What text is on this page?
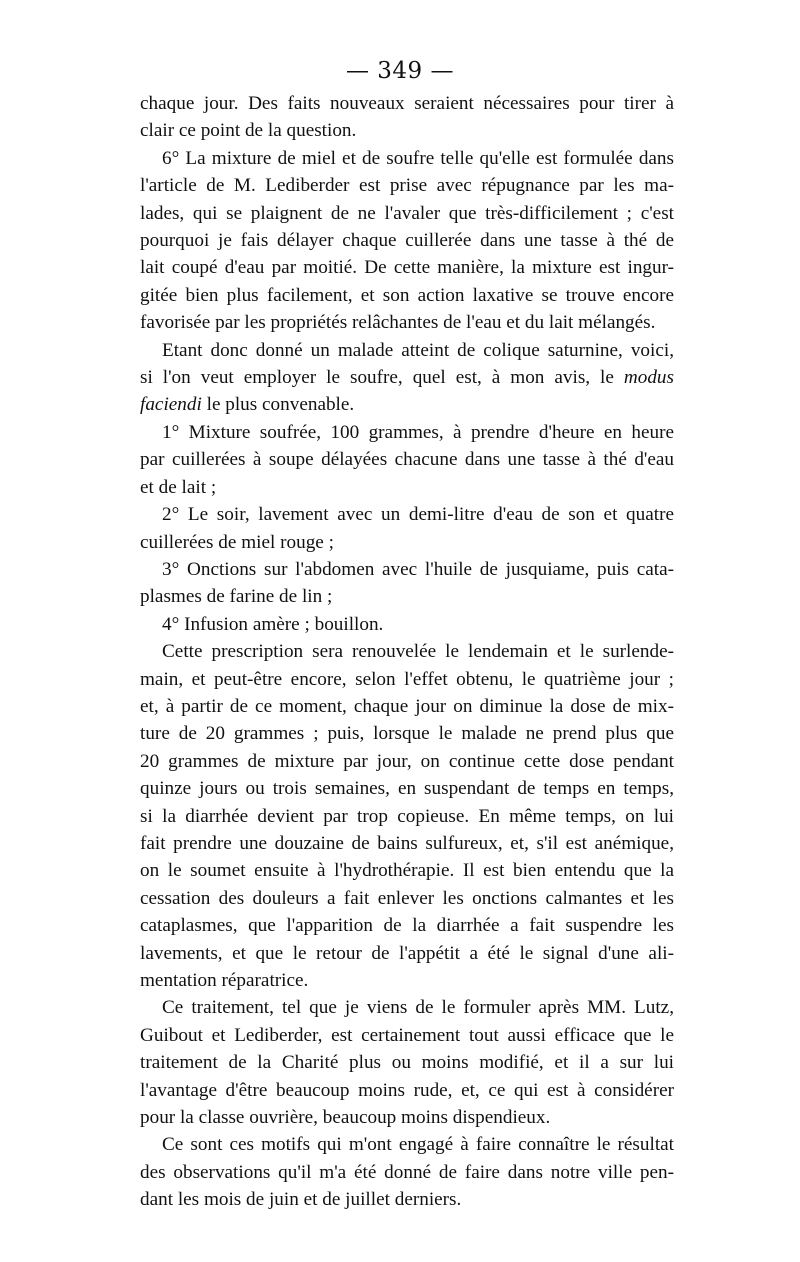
— 349 —
chaque jour. Des faits nouveaux seraient nécessaires pour tirer à
clair ce point de la question.
6° La mixture de miel et de soufre telle qu'elle est formulée dans
l'article de M. Lediberder est prise avec répugnance par les ma-
lades, qui se plaignent de ne l'avaler que très-difficilement ; c'est
pourquoi je fais délayer chaque cuillerée dans une tasse à thé de
lait coupé d'eau par moitié. De cette manière, la mixture est ingur-
gitée bien plus facilement, et son action laxative se trouve encore
favorisée par les propriétés relâchantes de l'eau et du lait mélangés.
Etant donc donné un malade atteint de colique saturnine, voici,
si l'on veut employer le soufre, quel est, à mon avis, le modus
faciendi le plus convenable.
1° Mixture soufrée, 100 grammes, à prendre d'heure en heure
par cuillerées à soupe délayées chacune dans une tasse à thé d'eau
et de lait ;
2° Le soir, lavement avec un demi-litre d'eau de son et quatre
cuillerées de miel rouge ;
3° Onctions sur l'abdomen avec l'huile de jusquiame, puis cata-
plasmes de farine de lin ;
4° Infusion amère ; bouillon.
Cette prescription sera renouvelée le lendemain et le surlende-
main, et peut-être encore, selon l'effet obtenu, le quatrième jour ;
et, à partir de ce moment, chaque jour on diminue la dose de mix-
ture de 20 grammes ; puis, lorsque le malade ne prend plus que
20 grammes de mixture par jour, on continue cette dose pendant
quinze jours ou trois semaines, en suspendant de temps en temps,
si la diarrhée devient par trop copieuse. En même temps, on lui
fait prendre une douzaine de bains sulfureux, et, s'il est anémique,
on le soumet ensuite à l'hydrothérapie. Il est bien entendu que la
cessation des douleurs a fait enlever les onctions calmantes et les
cataplasmes, que l'apparition de la diarrhée a fait suspendre les
lavements, et que le retour de l'appétit a été le signal d'une ali-
mentation réparatrice.
Ce traitement, tel que je viens de le formuler après MM. Lutz,
Guibout et Lediberder, est certainement tout aussi efficace que le
traitement de la Charité plus ou moins modifié, et il a sur lui
l'avantage d'être beaucoup moins rude, et, ce qui est à considérer
pour la classe ouvrière, beaucoup moins dispendieux.
Ce sont ces motifs qui m'ont engagé à faire connaître le résultat
des observations qu'il m'a été donné de faire dans notre ville pen-
dant les mois de juin et de juillet derniers.
